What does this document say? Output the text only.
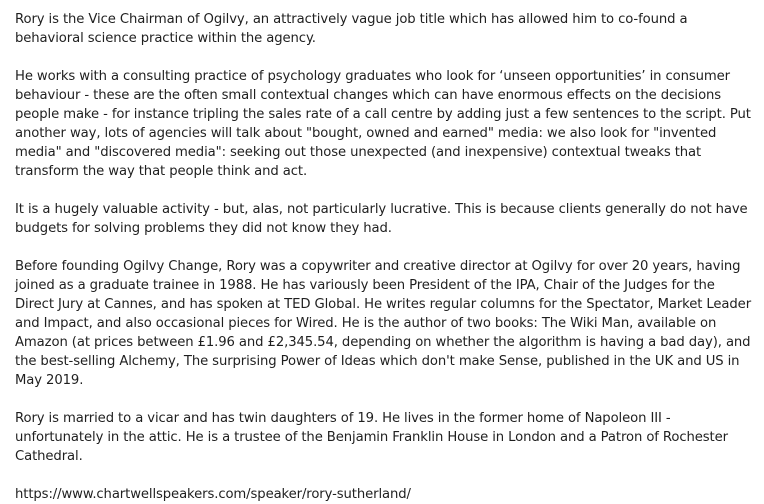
Rory is the Vice Chairman of Ogilvy, an attractively vague job title which has allowed him to co-found a behavioral science practice within the agency.

He works with a consulting practice of psychology graduates who look for ‘unseen opportunities’ in consumer behaviour - these are the often small contextual changes which can have enormous effects on the decisions people make - for instance tripling the sales rate of a call centre by adding just a few sentences to the script. Put another way, lots of agencies will talk about "bought, owned and earned" media: we also look for "invented media" and "discovered media": seeking out those unexpected (and inexpensive) contextual tweaks that transform the way that people think and act.

It is a hugely valuable activity - but, alas, not particularly lucrative. This is because clients generally do not have budgets for solving problems they did not know they had.

Before founding Ogilvy Change, Rory was a copywriter and creative director at Ogilvy for over 20 years, having joined as a graduate trainee in 1988. He has variously been President of the IPA, Chair of the Judges for the Direct Jury at Cannes, and has spoken at TED Global. He writes regular columns for the Spectator, Market Leader and Impact, and also occasional pieces for Wired. He is the author of two books: The Wiki Man, available on Amazon (at prices between £1.96 and £2,345.54, depending on whether the algorithm is having a bad day), and the best-selling Alchemy, The surprising Power of Ideas which don't make Sense, published in the UK and US in May 2019.

Rory is married to a vicar and has twin daughters of 19. He lives in the former home of Napoleon III - unfortunately in the attic. He is a trustee of the Benjamin Franklin House in London and a Patron of Rochester Cathedral.

https://www.chartwellspeakers.com/speaker/rory-sutherland/
